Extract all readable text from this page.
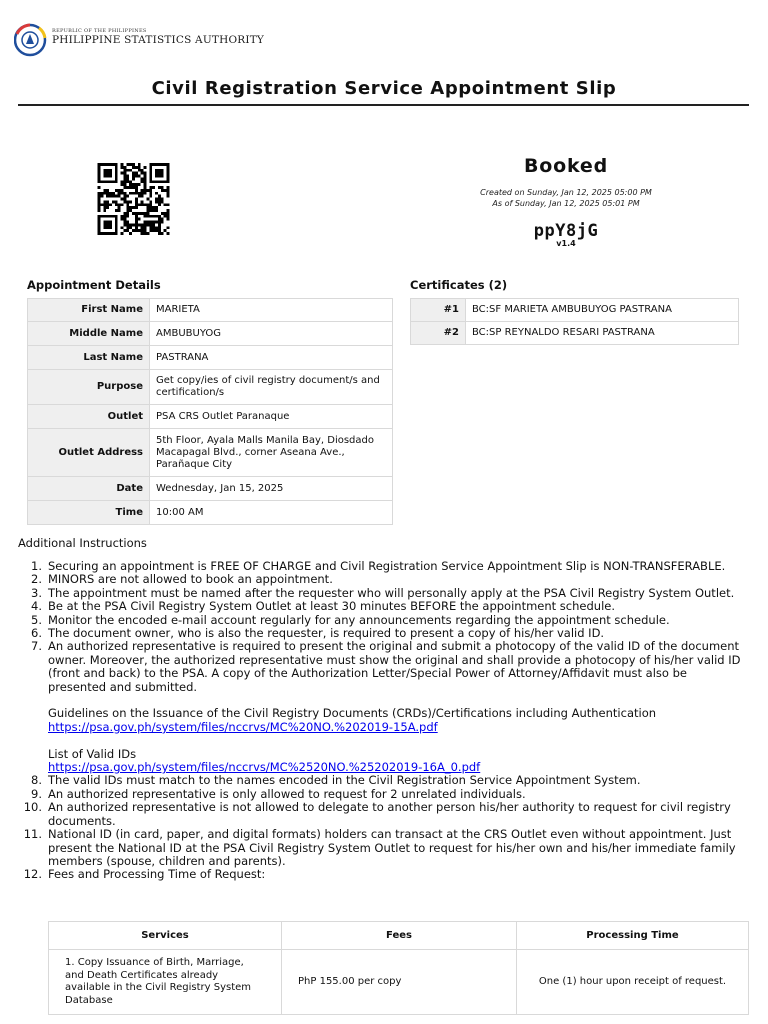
REPUBLIC OF THE PHILIPPINES
PHILIPPINE STATISTICS AUTHORITY
Civil Registration Service Appointment Slip
Booked
Created on Sunday, Jan 12, 2025 05:00 PM
As of Sunday, Jan 12, 2025 05:01 PM
ppY8jG
v1.4
Appointment Details	Certificates (2)
First Name	MARIETA
Middle Name	AMBUBUYOG
Last Name	PASTRANA
Purpose	Get copy/ies of civil registry document/s and certification/s
Outlet	PSA CRS Outlet Paranaque
Outlet Address	5th Floor, Ayala Malls Manila Bay, Diosdado Macapagal Blvd., corner Aseana Ave., Parañaque City
Date	Wednesday, Jan 15, 2025
Time	10:00 AM
#1	BC:SF MARIETA AMBUBUYOG PASTRANA
#2	BC:SP REYNALDO RESARI PASTRANA
Additional Instructions
1. Securing an appointment is FREE OF CHARGE and Civil Registration Service Appointment Slip is NON-TRANSFERABLE.
2. MINORS are not allowed to book an appointment.
3. The appointment must be named after the requester who will personally apply at the PSA Civil Registry System Outlet.
4. Be at the PSA Civil Registry System Outlet at least 30 minutes BEFORE the appointment schedule.
5. Monitor the encoded e-mail account regularly for any announcements regarding the appointment schedule.
6. The document owner, who is also the requester, is required to present a copy of his/her valid ID.
7. An authorized representative is required to present the original and submit a photocopy of the valid ID of the document owner. Moreover, the authorized representative must show the original and shall provide a photocopy of his/her valid ID (front and back) to the PSA. A copy of the Authorization Letter/Special Power of Attorney/Affidavit must also be presented and submitted.
Guidelines on the Issuance of the Civil Registry Documents (CRDs)/Certifications including Authentication
https://psa.gov.ph/system/files/nccrvs/MC%20NO.%202019-15A.pdf
List of Valid IDs
https://psa.gov.ph/system/files/nccrvs/MC%2520NO.%25202019-16A_0.pdf
8. The valid IDs must match to the names encoded in the Civil Registration Service Appointment System.
9. An authorized representative is only allowed to request for 2 unrelated individuals.
10. An authorized representative is not allowed to delegate to another person his/her authority to request for civil registry documents.
11. National ID (in card, paper, and digital formats) holders can transact at the CRS Outlet even without appointment. Just present the National ID at the PSA Civil Registry System Outlet to request for his/her own and his/her immediate family members (spouse, children and parents).
12. Fees and Processing Time of Request:
Services	Fees	Processing Time
1. Copy Issuance of Birth, Marriage, and Death Certificates already available in the Civil Registry System Database	PhP 155.00 per copy	One (1) hour upon receipt of request.
